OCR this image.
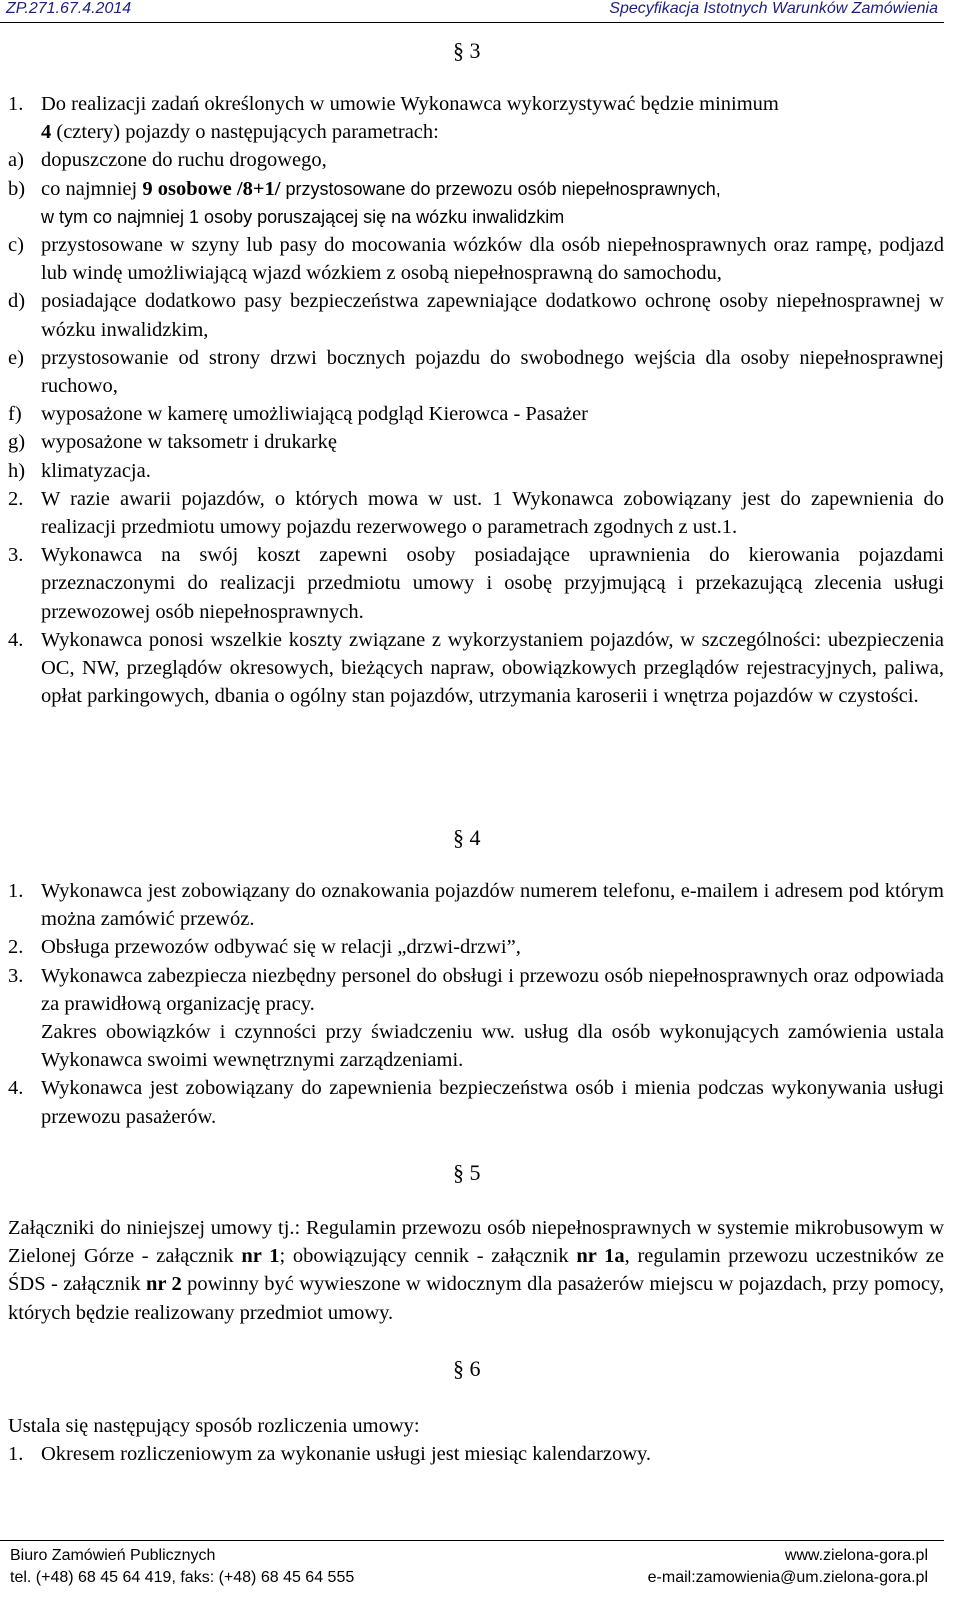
ZP.271.67.4.2014	Specyfikacja Istotnych Warunków Zamówienia
§ 3
1. Do realizacji zadań określonych w umowie Wykonawca wykorzystywać będzie minimum
4 (cztery) pojazdy o następujących parametrach:
a) dopuszczone do ruchu drogowego,
b) co najmniej 9 osobowe /8+1/ przystosowane do przewozu osób niepełnosprawnych,
w tym co najmniej 1 osoby poruszającej się na wózku inwalidzkim
c) przystosowane w szyny lub pasy do mocowania wózków dla osób niepełnosprawnych oraz rampę, podjazd lub windę umożliwiającą wjazd wózkiem z osobą niepełnosprawną do samochodu,
d) posiadające dodatkowo pasy bezpieczeństwa zapewniające dodatkowo ochronę osoby niepełnosprawnej w wózku inwalidzkim,
e) przystosowanie od strony drzwi bocznych pojazdu do swobodnego wejścia dla osoby niepełnosprawnej ruchowo,
f) wyposażone w kamerę umożliwiającą podgląd Kierowca - Pasażer
g) wyposażone w taksometr i drukarkę
h) klimatyzacja.
2. W razie awarii pojazdów, o których mowa w ust. 1 Wykonawca zobowiązany jest do zapewnienia do realizacji przedmiotu umowy pojazdu rezerwowego o parametrach zgodnych z ust.1.
3. Wykonawca na swój koszt zapewni osoby posiadające uprawnienia do kierowania pojazdami przeznaczonymi do realizacji przedmiotu umowy i osobę przyjmującą i przekazującą zlecenia usługi przewozowej osób niepełnosprawnych.
4. Wykonawca ponosi wszelkie koszty związane z wykorzystaniem pojazdów, w szczególności: ubezpieczenia OC, NW, przeglądów okresowych, bieżących napraw, obowiązkowych przeglądów rejestracyjnych, paliwa, opłat parkingowych, dbania o ogólny stan pojazdów, utrzymania karoserii i wnętrza pojazdów w czystości.
§ 4
1. Wykonawca jest zobowiązany do oznakowania pojazdów numerem telefonu, e-mailem i adresem pod którym można zamówić przewóz.
2. Obsługa przewozów odbywać się w relacji „drzwi-drzwi”,
3. Wykonawca zabezpiecza niezbędny personel do obsługi i przewozu osób niepełnosprawnych oraz odpowiada za prawidłową organizację pracy.
Zakres obowiązków i czynności przy świadczeniu ww. usług dla osób wykonujących zamówienia ustala Wykonawca swoimi wewnętrznymi zarządzeniami.
4. Wykonawca jest zobowiązany do zapewnienia bezpieczeństwa osób i mienia podczas wykonywania usługi przewozu pasażerów.
§ 5
Załączniki do niniejszej umowy tj.: Regulamin przewozu osób niepełnosprawnych w systemie mikrobusowym w Zielonej Górze - załącznik nr 1; obowiązujący cennik - załącznik nr 1a, regulamin przewozu uczestników ze ŚDS - załącznik nr 2 powinny być wywieszone w widocznym dla pasażerów miejscu w pojazdach, przy pomocy, których będzie realizowany przedmiot umowy.
§ 6
Ustala się następujący sposób rozliczenia umowy:
1. Okresem rozliczeniowym za wykonanie usługi jest miesiąc kalendarzowy.
Biuro Zamówień Publicznych
tel. (+48) 68 45 64 419, faks: (+48) 68 45 64 555
www.zielona-gora.pl
e-mail:zamowienia@um.zielona-gora.pl
